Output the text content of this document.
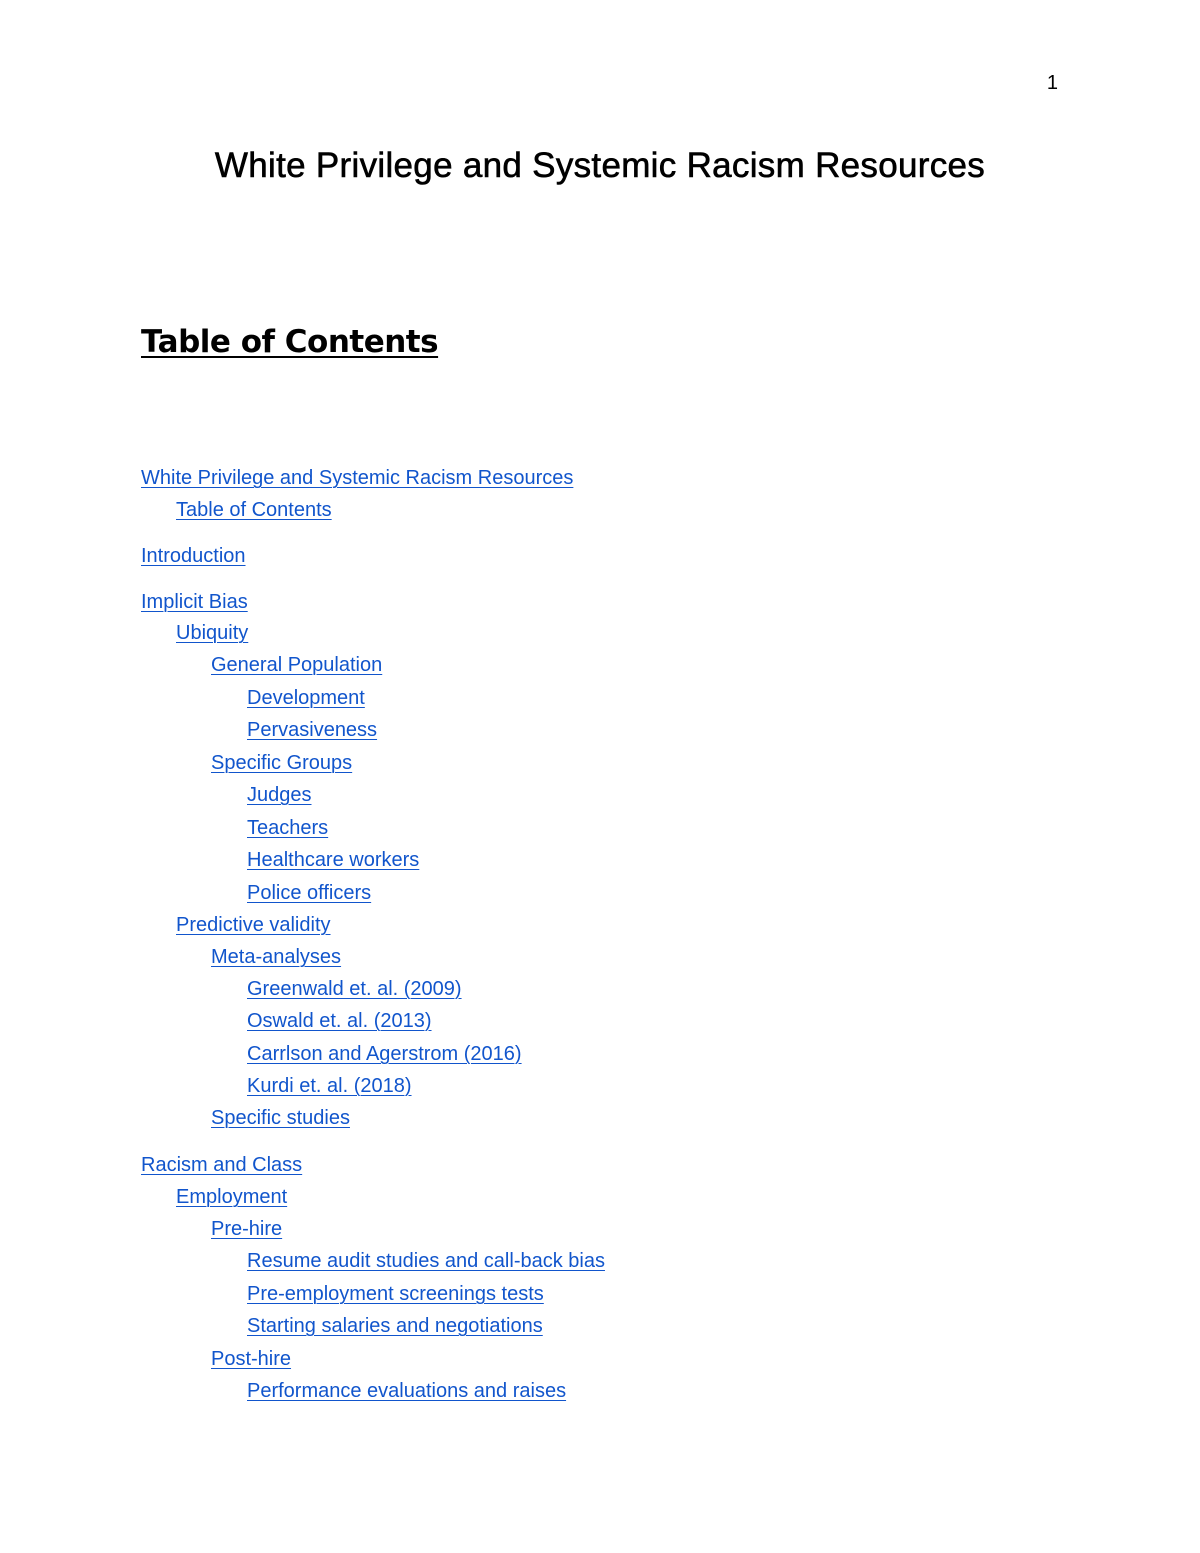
1
White Privilege and Systemic Racism Resources
Table of Contents
White Privilege and Systemic Racism Resources
Table of Contents
Introduction
Implicit Bias
Ubiquity
General Population
Development
Pervasiveness
Specific Groups
Judges
Teachers
Healthcare workers
Police officers
Predictive validity
Meta-analyses
Greenwald et. al. (2009)
Oswald et. al. (2013)
Carrlson and Agerstrom (2016)
Kurdi et. al. (2018)
Specific studies
Racism and Class
Employment
Pre-hire
Resume audit studies and call-back bias
Pre-employment screenings tests
Starting salaries and negotiations
Post-hire
Performance evaluations and raises
